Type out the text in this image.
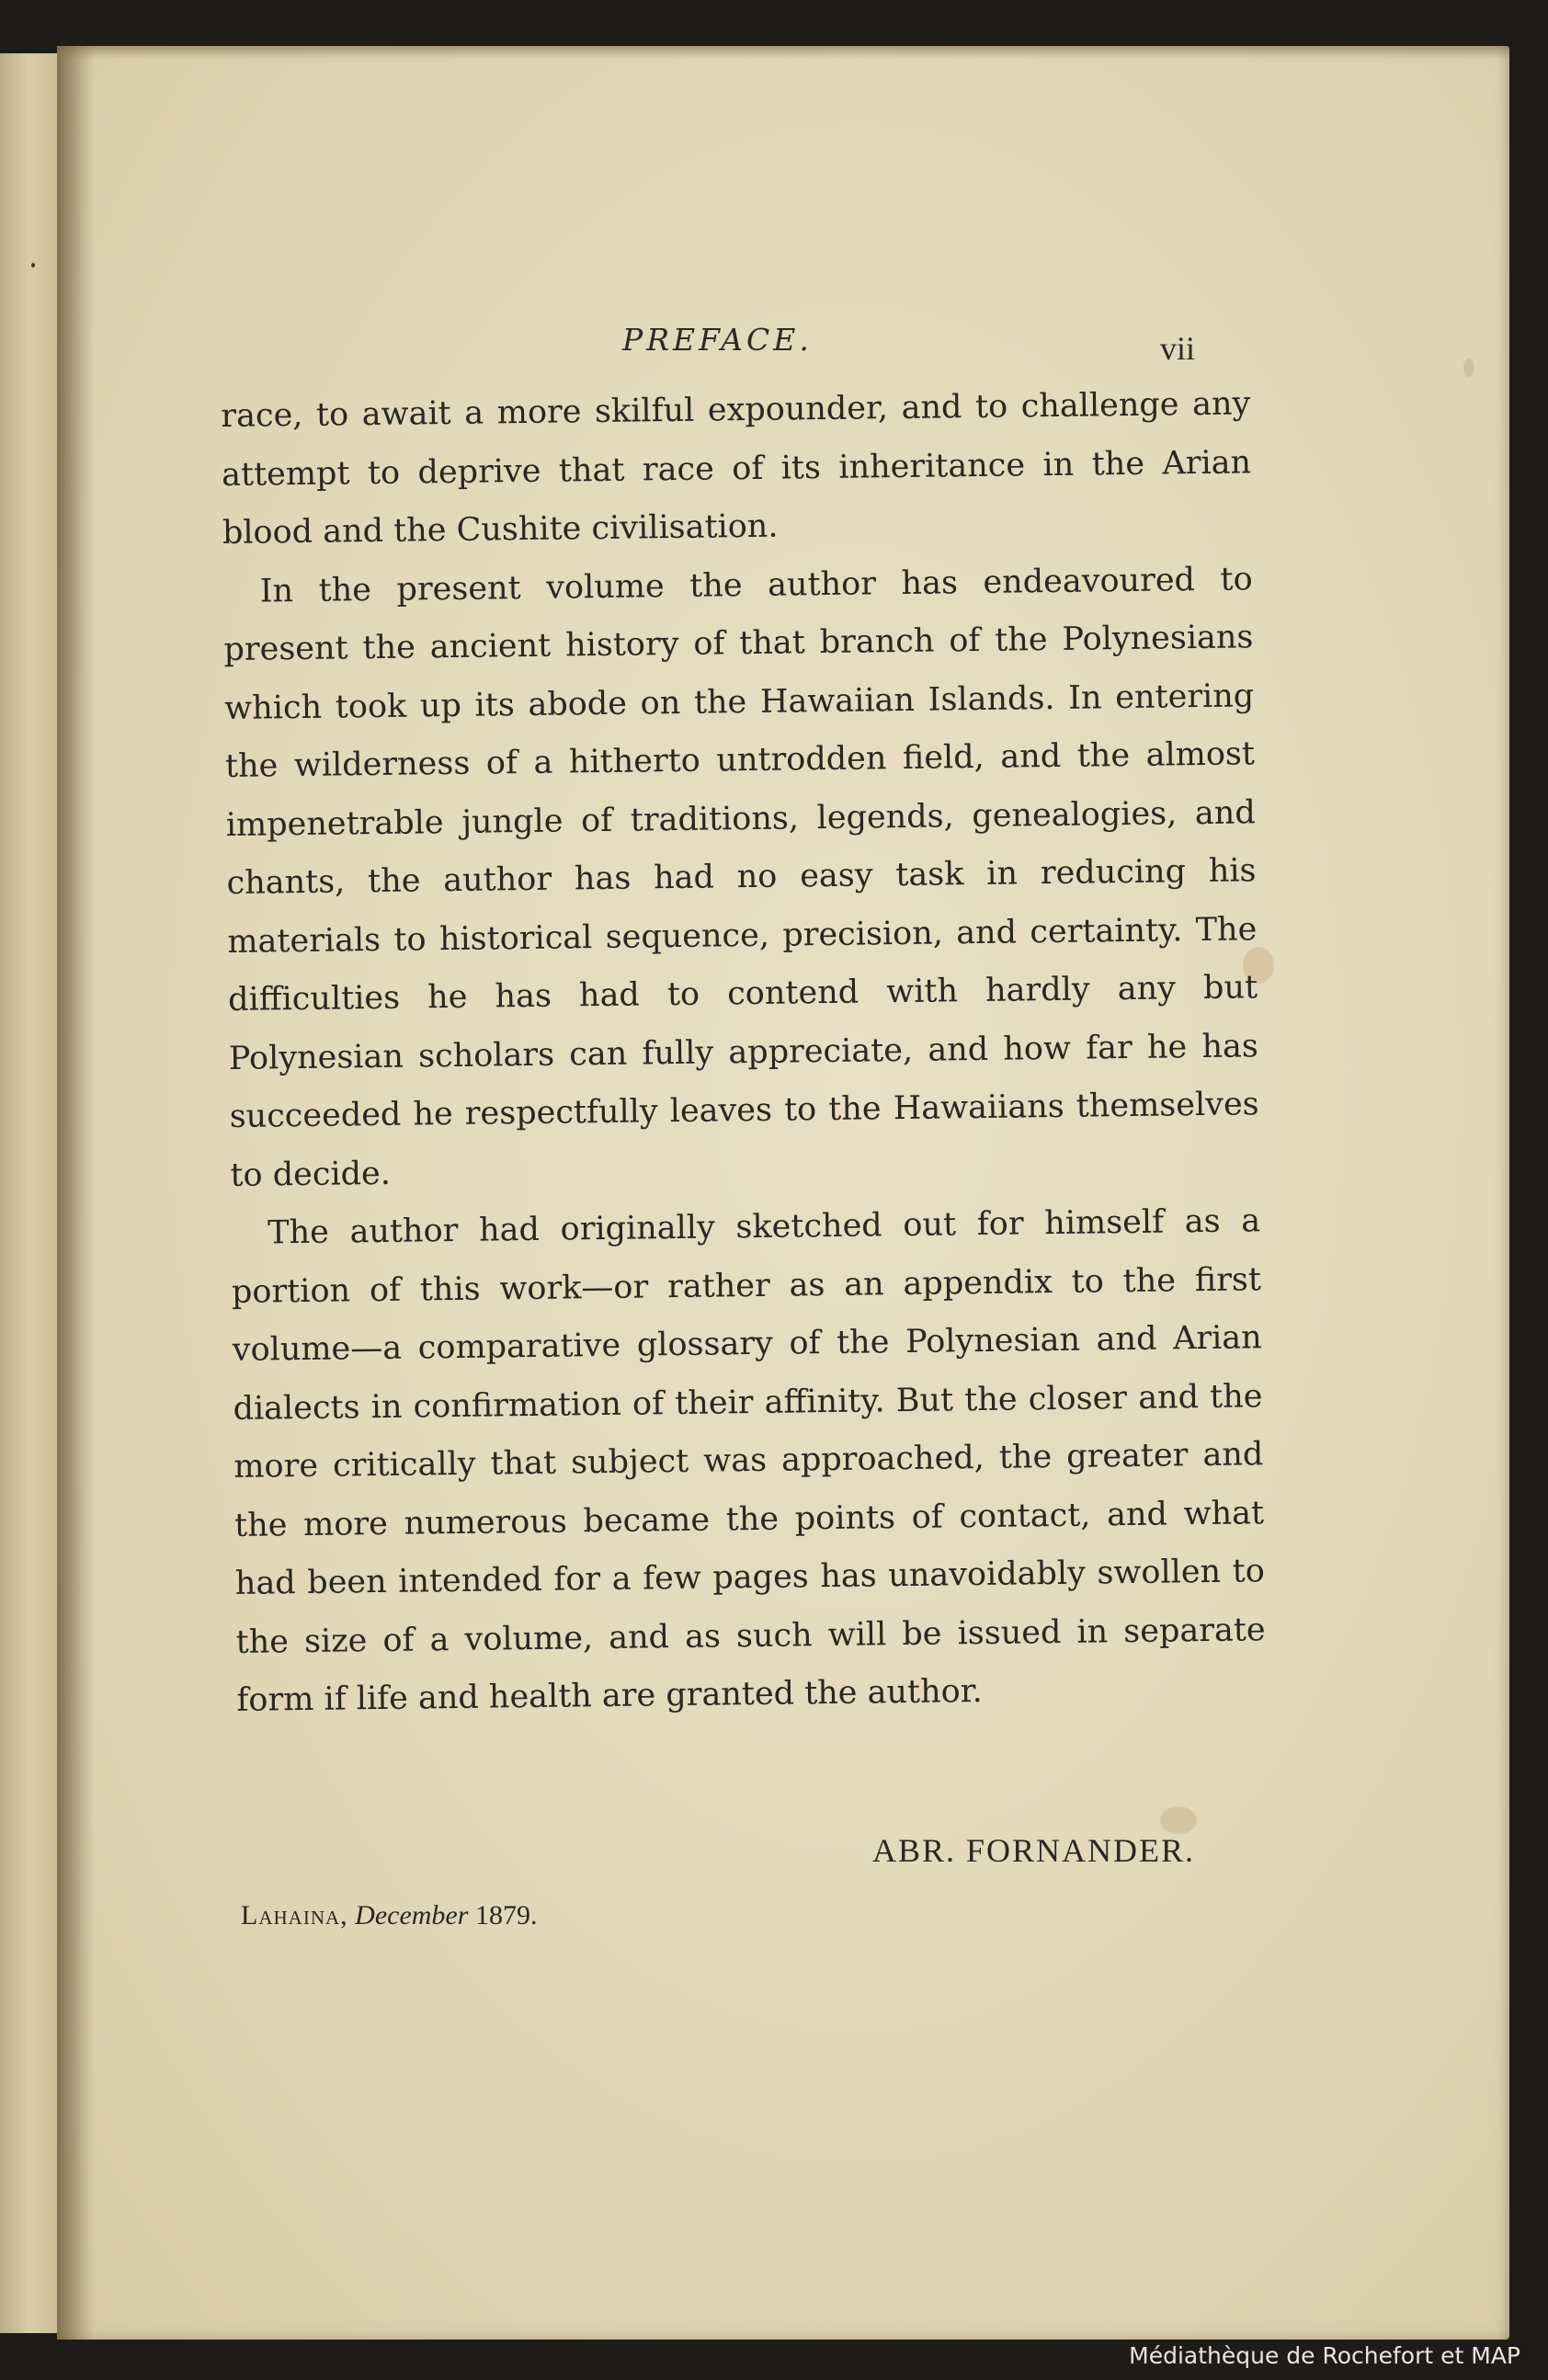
PREFACE.	vii

race, to await a more skilful expounder, and to challenge any attempt to deprive that race of its inheritance in the Arian blood and the Cushite civilisation.

In the present volume the author has endeavoured to present the ancient history of that branch of the Polynesians which took up its abode on the Hawaiian Islands. In entering the wilderness of a hitherto untrodden field, and the almost impenetrable jungle of traditions, legends, genealogies, and chants, the author has had no easy task in reducing his materials to historical sequence, precision, and certainty. The difficulties he has had to contend with hardly any but Polynesian scholars can fully appreciate, and how far he has succeeded he respectfully leaves to the Hawaiians themselves to decide.

The author had originally sketched out for himself as a portion of this work—or rather as an appendix to the first volume—a comparative glossary of the Polynesian and Arian dialects in confirmation of their affinity. But the closer and the more critically that subject was approached, the greater and the more numerous became the points of contact, and what had been intended for a few pages has unavoidably swollen to the size of a volume, and as such will be issued in separate form if life and health are granted the author.

ABR. FORNANDER.
Lahaina, December 1879.
Médiathèque de Rochefort et MAP
